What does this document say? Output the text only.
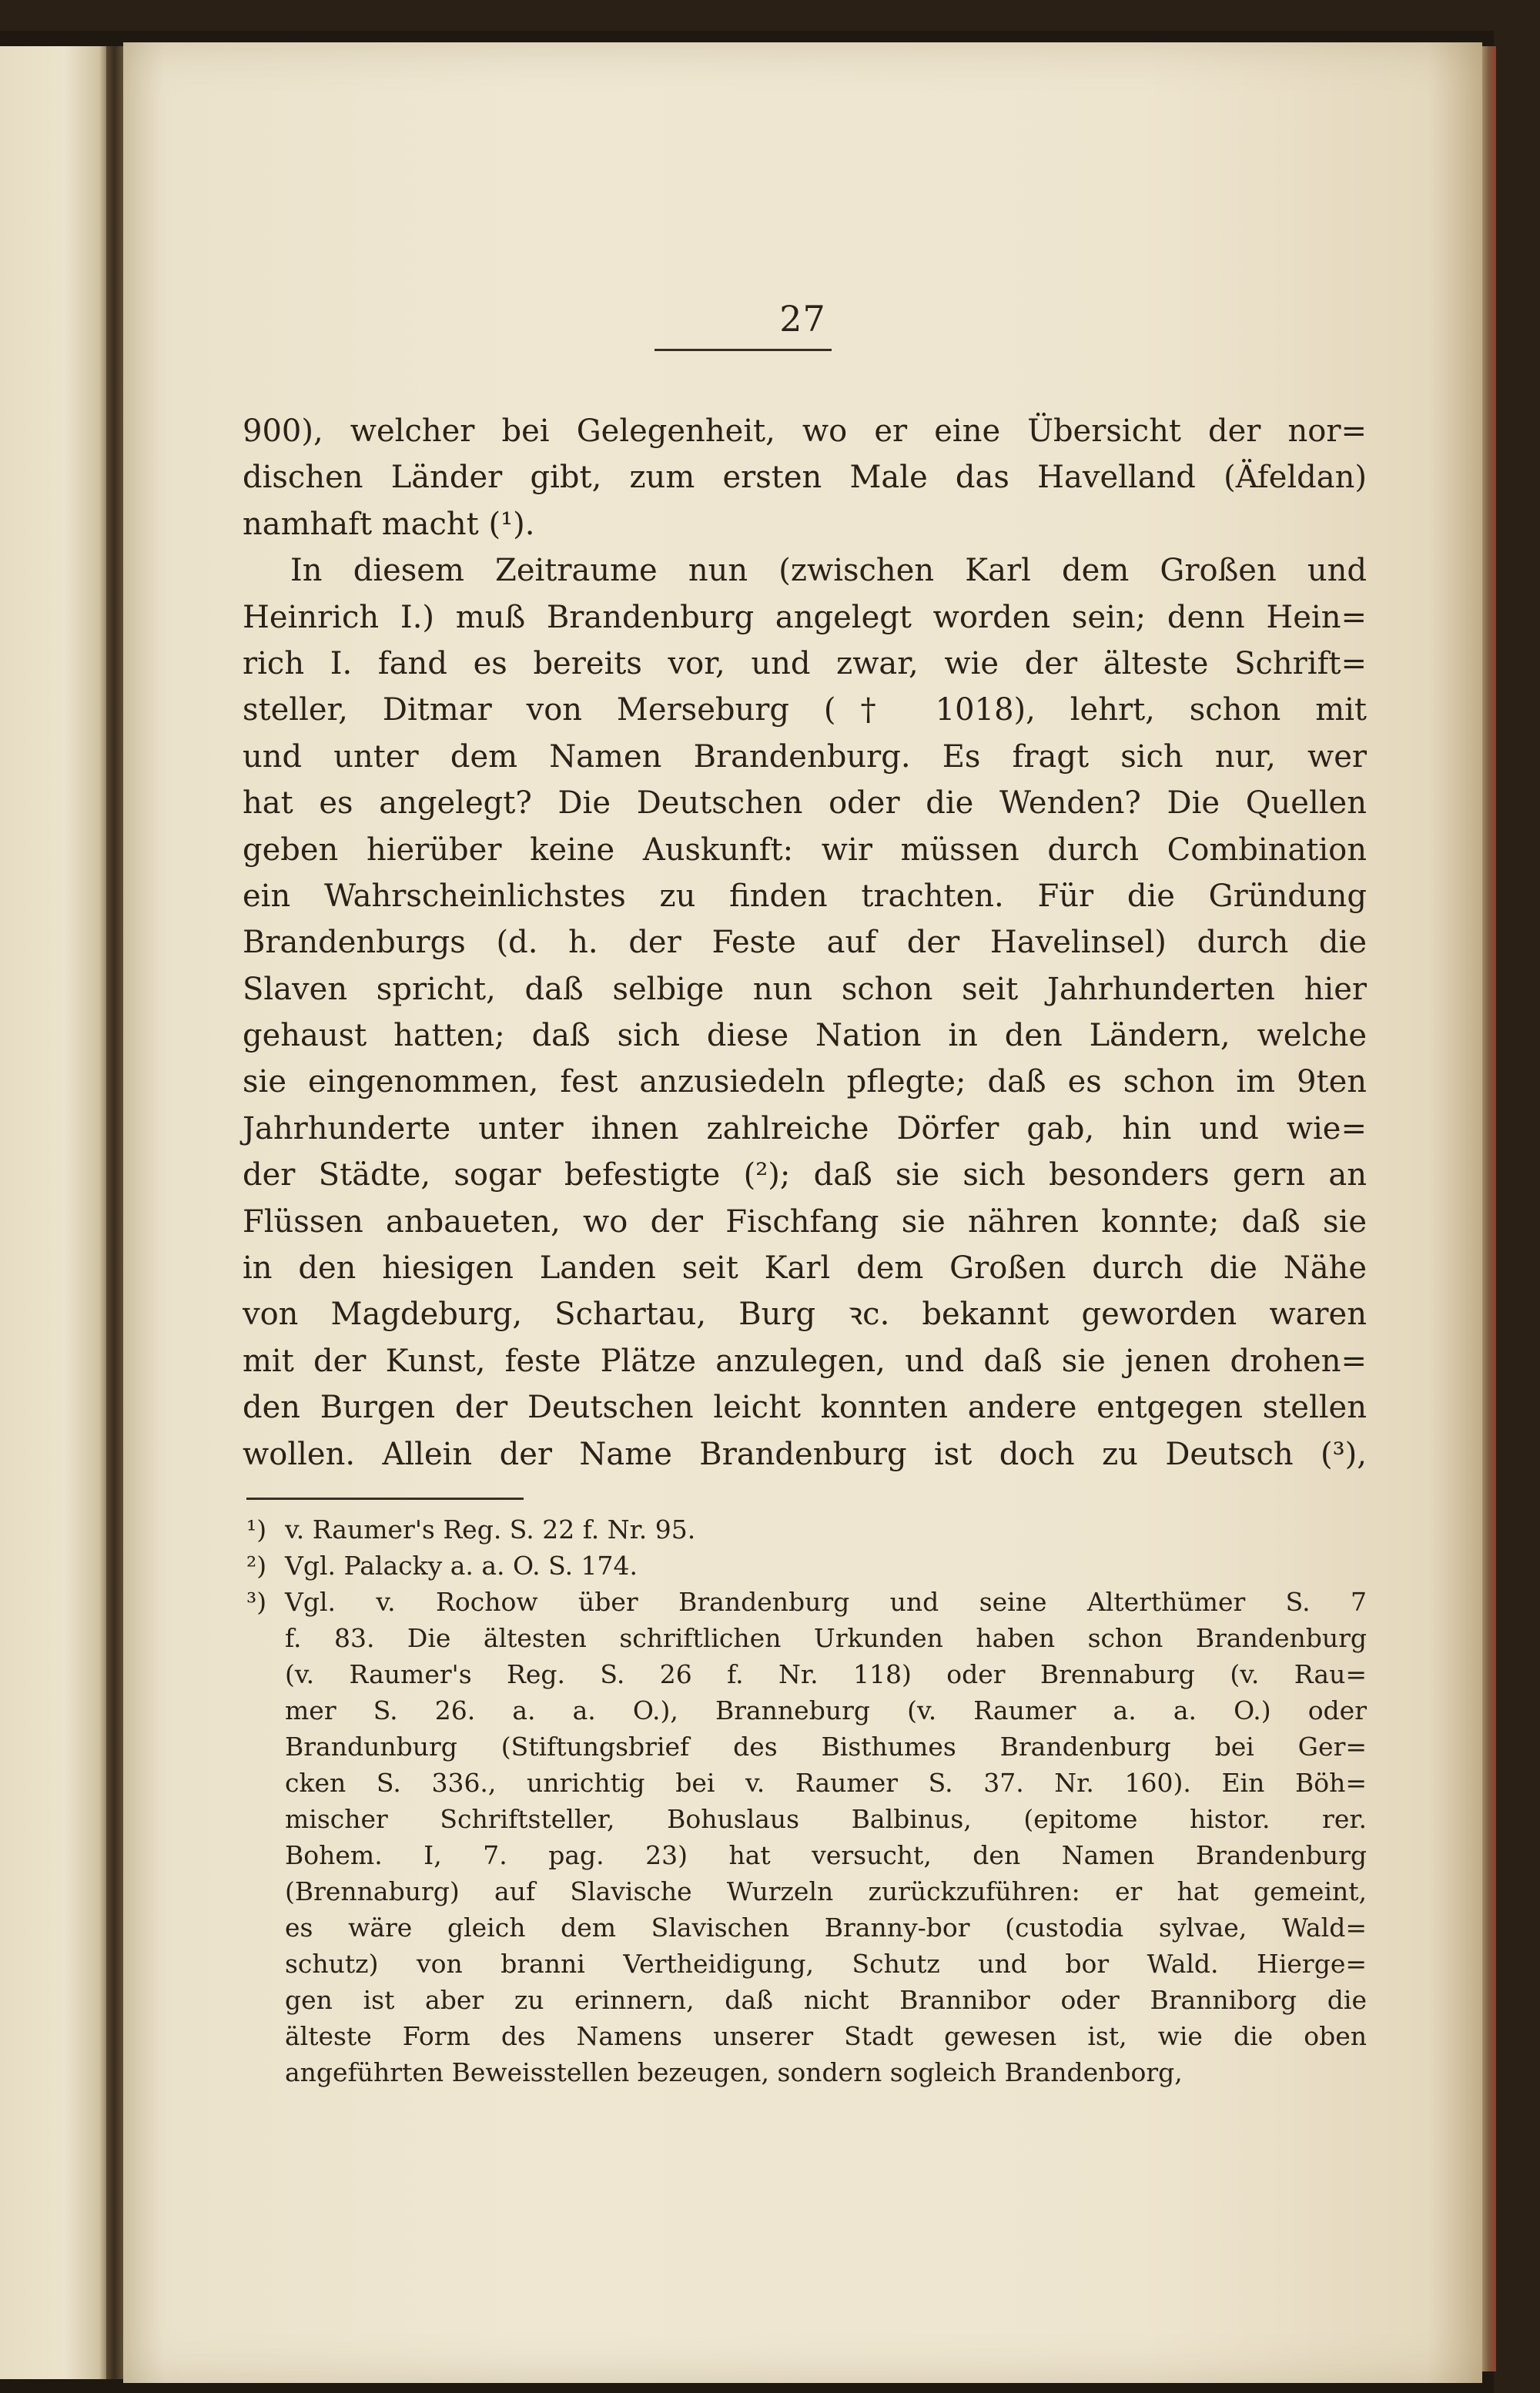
27
900), welcher bei Gelegenheit, wo er eine Übersicht der nor=
dischen Länder gibt, zum ersten Male das Havelland (Äfeldan)
namhaft macht (¹).
In diesem Zeitraume nun (zwischen Karl dem Großen und
Heinrich I.) muß Brandenburg angelegt worden sein; denn Hein=
rich I. fand es bereits vor, und zwar, wie der älteste Schrift=
steller, Ditmar von Merseburg († 1018), lehrt, schon mit
und unter dem Namen Brandenburg. Es fragt sich nur, wer
hat es angelegt? Die Deutschen oder die Wenden? Die Quellen
geben hierüber keine Auskunft: wir müssen durch Combination
ein Wahrscheinlichstes zu finden trachten. Für die Gründung
Brandenburgs (d. h. der Feste auf der Havelinsel) durch die
Slaven spricht, daß selbige nun schon seit Jahrhunderten hier
gehaust hatten; daß sich diese Nation in den Ländern, welche
sie eingenommen, fest anzusiedeln pflegte; daß es schon im 9ten
Jahrhunderte unter ihnen zahlreiche Dörfer gab, hin und wie=
der Städte, sogar befestigte (²); daß sie sich besonders gern an
Flüssen anbaueten, wo der Fischfang sie nähren konnte; daß sie
in den hiesigen Landen seit Karl dem Großen durch die Nähe
von Magdeburg, Schartau, Burg ꝛc. bekannt geworden waren
mit der Kunst, feste Plätze anzulegen, und daß sie jenen drohen=
den Burgen der Deutschen leicht konnten andere entgegen stellen
wollen. Allein der Name Brandenburg ist doch zu Deutsch (³),
¹) v. Raumer's Reg. S. 22 f. Nr. 95.
²) Vgl. Palacky a. a. O. S. 174.
³) Vgl. v. Rochow über Brandenburg und seine Alterthümer S. 7
f. 83. Die ältesten schriftlichen Urkunden haben schon Brandenburg
(v. Raumer's Reg. S. 26 f. Nr. 118) oder Brennaburg (v. Rau=
mer S. 26. a. a. O.), Branneburg (v. Raumer a. a. O.) oder
Brandunburg (Stiftungsbrief des Bisthumes Brandenburg bei Ger=
cken S. 336., unrichtig bei v. Raumer S. 37. Nr. 160). Ein Böh=
mischer Schriftsteller, Bohuslaus Balbinus, (epitome histor. rer.
Bohem. I, 7. pag. 23) hat versucht, den Namen Brandenburg
(Brennaburg) auf Slavische Wurzeln zurückzuführen: er hat gemeint,
es wäre gleich dem Slavischen Branny-bor (custodia sylvae, Wald=
schutz) von branni Vertheidigung, Schutz und bor Wald. Hierge=
gen ist aber zu erinnern, daß nicht Brannibor oder Branniborg die
älteste Form des Namens unserer Stadt gewesen ist, wie die oben
angeführten Beweisstellen bezeugen, sondern sogleich Brandenborg,
